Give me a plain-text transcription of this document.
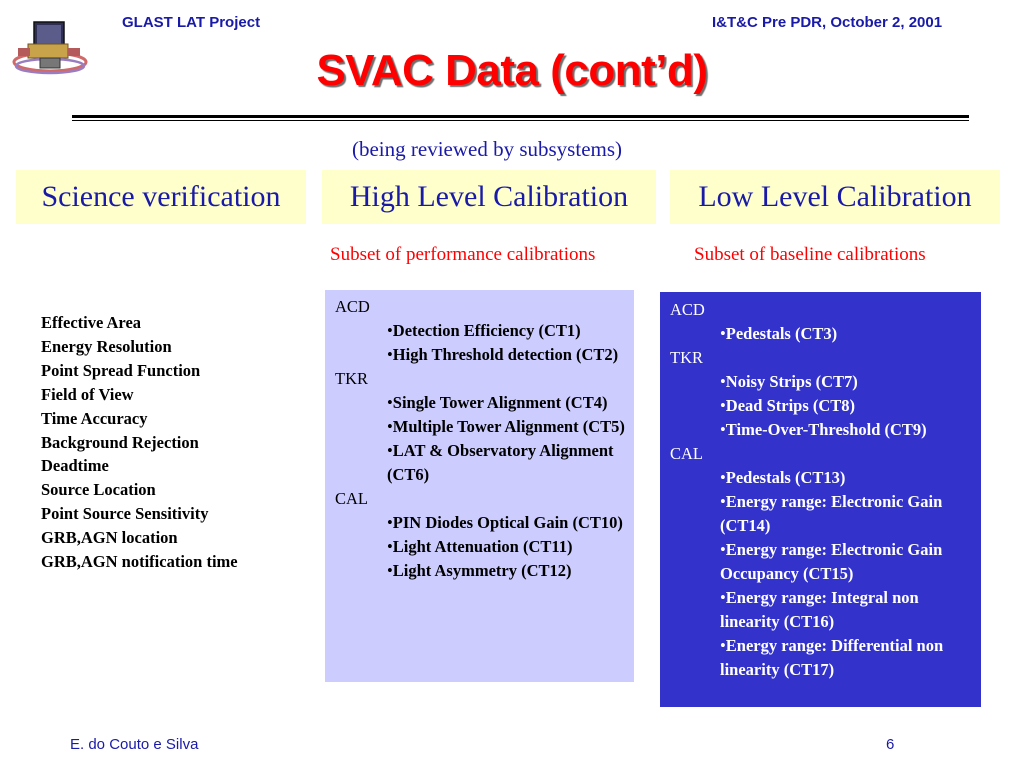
GLAST LAT Project	I&T&C Pre PDR, October 2, 2001
SVAC Data (cont’d)
(being reviewed by subsystems)
Science verification	High Level Calibration	Low Level Calibration
Subset of performance calibrations	Subset of baseline calibrations
Effective Area
Energy Resolution
Point Spread Function
Field of View
Time Accuracy
Background Rejection
Deadtime
Source Location
Point Source Sensitivity
GRB,AGN location
GRB,AGN notification time
ACD
•Detection Efficiency (CT1)
•High Threshold detection (CT2)
TKR
•Single Tower Alignment (CT4)
•Multiple Tower Alignment (CT5)
•LAT & Observatory Alignment (CT6)
CAL
•PIN Diodes Optical Gain (CT10)
•Light Attenuation (CT11)
•Light Asymmetry (CT12)
ACD
•Pedestals (CT3)
TKR
•Noisy Strips (CT7)
•Dead Strips (CT8)
•Time-Over-Threshold (CT9)
CAL
•Pedestals (CT13)
•Energy range: Electronic Gain (CT14)
•Energy range: Electronic Gain Occupancy (CT15)
•Energy range: Integral non linearity (CT16)
•Energy range: Differential non linearity (CT17)
E. do Couto e Silva	6
